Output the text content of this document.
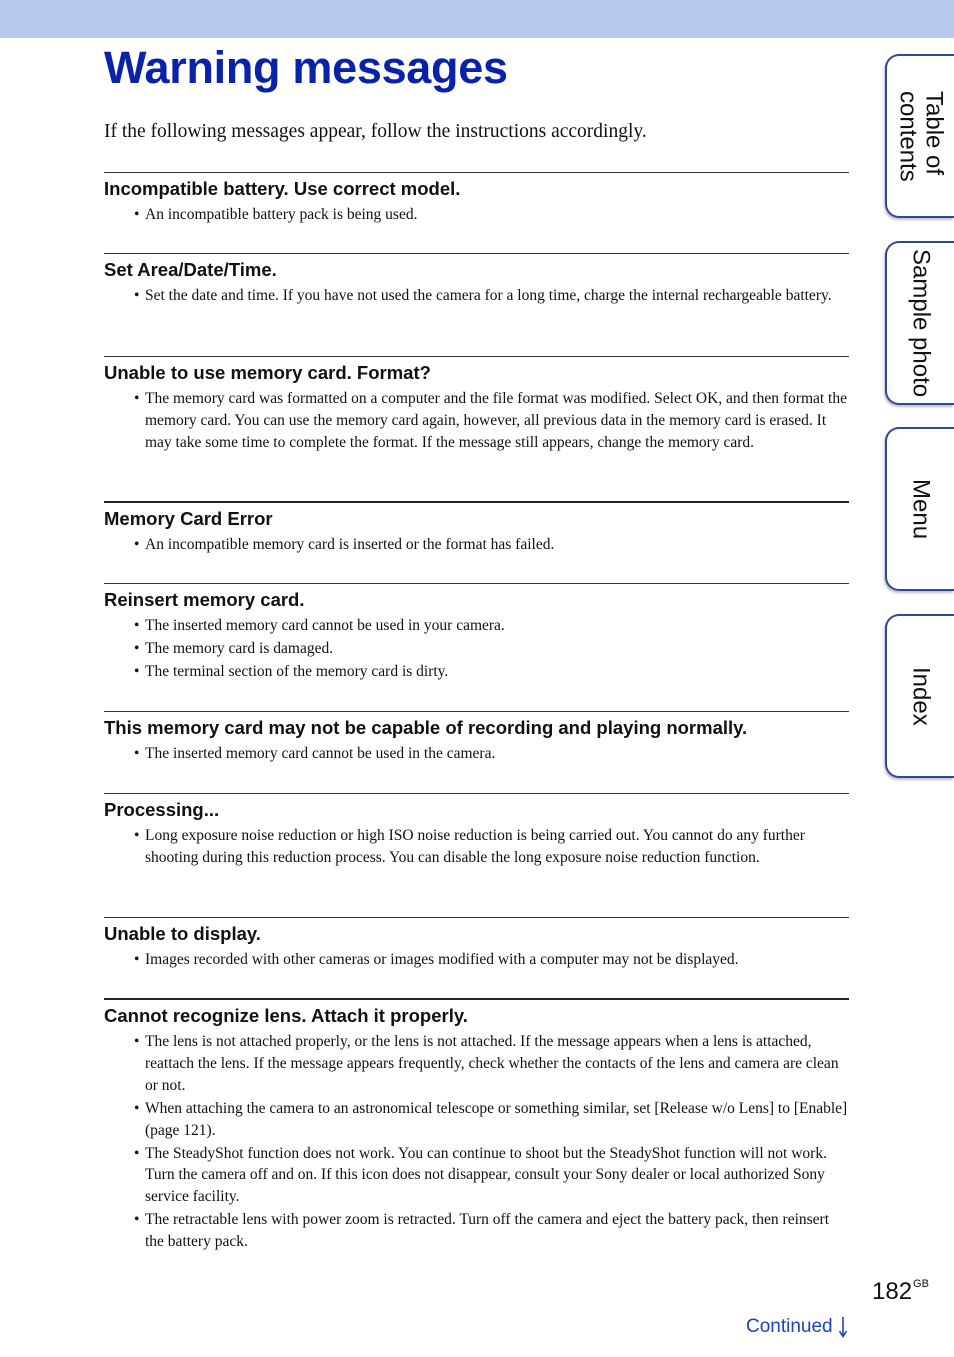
Warning messages

If the following messages appear, follow the instructions accordingly.

Incompatible battery. Use correct model.
• An incompatible battery pack is being used.
Set Area/Date/Time.
• Set the date and time. If you have not used the camera for a long time, charge the internal rechargeable battery.
Unable to use memory card. Format?
• The memory card was formatted on a computer and the file format was modified. Select OK, and then format the memory card. You can use the memory card again, however, all previous data in the memory card is erased. It may take some time to complete the format. If the message still appears, change the memory card.
Memory Card Error
• An incompatible memory card is inserted or the format has failed.
Reinsert memory card.
• The inserted memory card cannot be used in your camera.
• The memory card is damaged.
• The terminal section of the memory card is dirty.
This memory card may not be capable of recording and playing normally.
• The inserted memory card cannot be used in the camera.
Processing...
• Long exposure noise reduction or high ISO noise reduction is being carried out. You cannot do any further shooting during this reduction process. You can disable the long exposure noise reduction function.
Unable to display.
• Images recorded with other cameras or images modified with a computer may not be displayed.
Cannot recognize lens. Attach it properly.
• The lens is not attached properly, or the lens is not attached. If the message appears when a lens is attached, reattach the lens. If the message appears frequently, check whether the contacts of the lens and camera are clean or not.
• When attaching the camera to an astronomical telescope or something similar, set [Release w/o Lens] to [Enable] (page 121).
• The SteadyShot function does not work. You can continue to shoot but the SteadyShot function will not work. Turn the camera off and on. If this icon does not disappear, consult your Sony dealer or local authorized Sony service facility.
• The retractable lens with power zoom is retracted. Turn off the camera and eject the battery pack, then reinsert the battery pack.
Table of
contents
Sample photo
Menu
Index
$182^{GB}$
Continued
